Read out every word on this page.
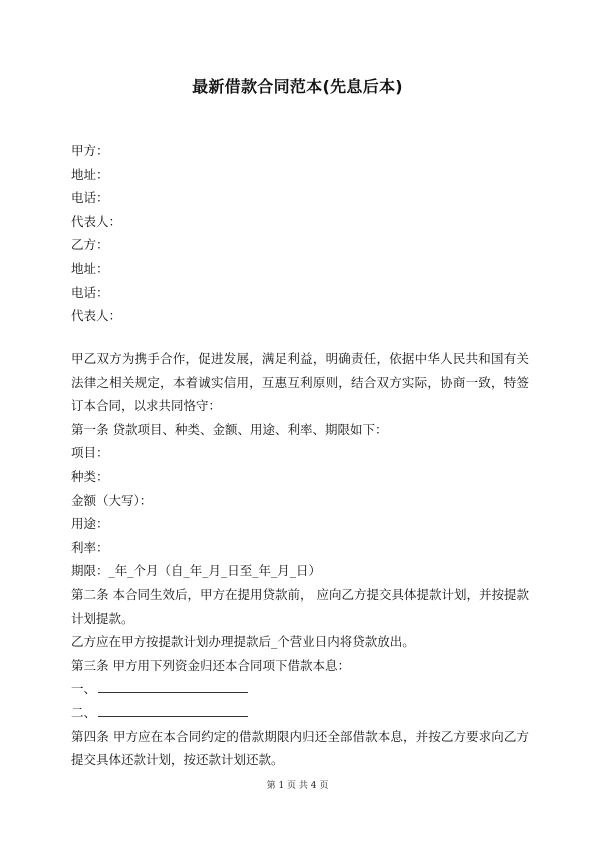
最新借款合同范本(先息后本)
甲方：
地址：
电话：
代表人：
乙方：
地址：
电话：
代表人：

甲乙双方为携手合作，促进发展，满足利益，明确责任，依据中华人民共和国有关法律之相关规定，本着诚实信用，互惠互利原则，结合双方实际，协商一致，特签订本合同，以求共同恪守：

第一条 贷款项目、种类、金额、用途、利率、期限如下：

项目：

种类：

金额（大写）：

用途：

利率：

期限：_年_个月（自_年_月_日至_年_月_日）

第二条 本合同生效后，甲方在提用贷款前， 应向乙方提交具体提款计划，并按提款计划提款。

乙方应在甲方按提款计划办理提款后_个营业日内将贷款放出。

第三条 甲方用下列资金归还本合同项下借款本息：

一、

二、

第四条 甲方应在本合同约定的借款期限内归还全部借款本息，并按乙方要求向乙方提交具体还款计划，按还款计划还款。

第 1 页 共 4 页
